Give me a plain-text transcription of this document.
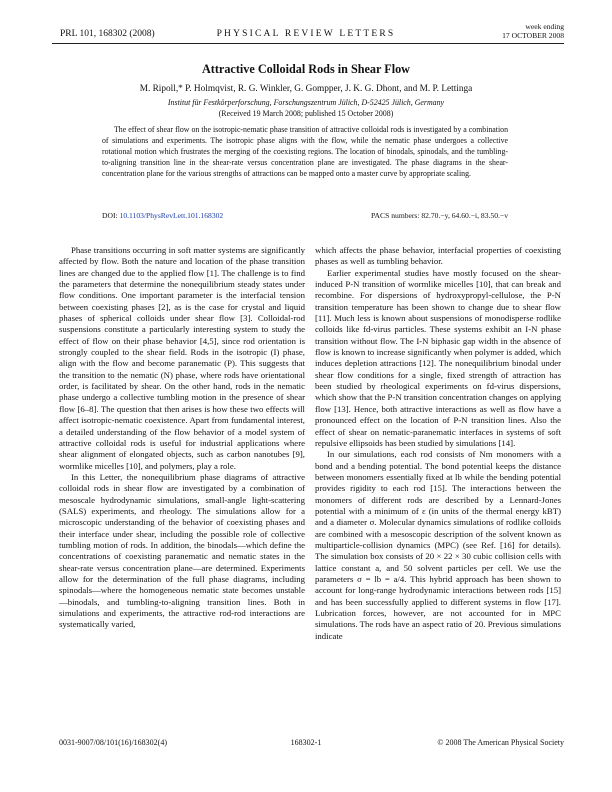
PRL 101, 168302 (2008)	PHYSICAL REVIEW LETTERS
week ending
17 OCTOBER 2008
Attractive Colloidal Rods in Shear Flow
M. Ripoll,* P. Holmqvist, R. G. Winkler, G. Gompper, J. K. G. Dhont, and M. P. Lettinga
Institut für Festkörperforschung, Forschungszentrum Jülich, D-52425 Jülich, Germany
(Received 19 March 2008; published 15 October 2008)
The effect of shear flow on the isotropic-nematic phase transition of attractive colloidal rods is investigated by a combination of simulations and experiments. The isotropic phase aligns with the flow, while the nematic phase undergoes a collective rotational motion which frustrates the merging of the coexisting regions. The location of binodals, spinodals, and the tumbling-to-aligning transition line in the shear-rate versus concentration plane are investigated. The phase diagrams in the shear-concentration plane for the various strengths of attractions can be mapped onto a master curve by appropriate scaling.
DOI: 10.1103/PhysRevLett.101.168302	PACS numbers: 82.70.−y, 64.60.−i, 83.50.−v

Phase transitions occurring in soft matter systems are significantly affected by flow. Both the nature and location of the phase transition lines are changed due to the applied flow [1]. The challenge is to find the parameters that determine the nonequilibrium steady states under flow conditions. One important parameter is the interfacial tension between coexisting phases [2], as is the case for crystal and liquid phases of spherical colloids under shear flow [3]. Colloidal-rod suspensions constitute a particularly interesting system to study the effect of flow on their phase behavior [4,5], since rod orientation is strongly coupled to the shear field. Rods in the isotropic (I) phase, align with the flow and become paranematic (P). This suggests that the transition to the nematic (N) phase, where rods have orientational order, is facilitated by shear. On the other hand, rods in the nematic phase undergo a collective tumbling motion in the presence of shear flow [6–8]. The question that then arises is how these two effects will affect isotropic-nematic coexistence. Apart from fundamental interest, a detailed understanding of the flow behavior of a model system of attractive colloidal rods is useful for industrial applications where shear alignment of elongated objects, such as carbon nanotubes [9], wormlike micelles [10], and polymers, play a role.

In this Letter, the nonequilibrium phase diagrams of attractive colloidal rods in shear flow are investigated by a combination of mesoscale hydrodynamic simulations, small-angle light-scattering (SALS) experiments, and rheology. The simulations allow for a microscopic understanding of the behavior of coexisting phases and their interface under shear, including the possible role of collective tumbling motion of rods. In addition, the binodals—which define the concentrations of coexisting paranematic and nematic states in the shear-rate versus concentration plane—are determined. Experiments allow for the determination of the full phase diagrams, including spinodals—where the homogeneous nematic state becomes unstable—binodals, and tumbling-to-aligning transition lines. Both in simulations and experiments, the attractive rod-rod interactions are systematically varied,

which affects the phase behavior, interfacial properties of coexisting phases as well as tumbling behavior.

Earlier experimental studies have mostly focused on the shear-induced P-N transition of wormlike micelles [10], that can break and recombine. For dispersions of hydroxypropyl-cellulose, the P-N transition temperature has been shown to change due to shear flow [11]. Much less is known about suspensions of monodisperse rodlike colloids like fd-virus particles. These systems exhibit an I-N phase transition without flow. The I-N biphasic gap width in the absence of flow is known to increase significantly when polymer is added, which induces depletion attractions [12]. The nonequilibrium binodal under shear flow conditions for a single, fixed strength of attraction has been studied by rheological experiments on fd-virus dispersions, which show that the P-N transition concentration changes on applying flow [13]. Hence, both attractive interactions as well as flow have a pronounced effect on the location of P-N transition lines. Also the effect of shear on nematic-paranematic interfaces in systems of soft repulsive ellipsoids has been studied by simulations [14].

In our simulations, each rod consists of Nm monomers with a bond and a bending potential. The bond potential keeps the distance between monomers essentially fixed at lb while the bending potential provides rigidity to each rod [15]. The interactions between the monomers of different rods are described by a Lennard-Jones potential with a minimum of ε (in units of the thermal energy kBT) and a diameter σ. Molecular dynamics simulations of rodlike colloids are combined with a mesoscopic description of the solvent known as multiparticle-collision dynamics (MPC) (see Ref. [16] for details). The simulation box consists of 20 × 22 × 30 cubic collision cells with lattice constant a, and 50 solvent particles per cell. We use the parameters σ = lb = a/4. This hybrid approach has been shown to account for long-range hydrodynamic interactions between rods [15] and has been successfully applied to different systems in flow [17]. Lubrication forces, however, are not accounted for in MPC simulations. The rods have an aspect ratio of 20. Previous simulations indicate

0031-9007/08/101(16)/168302(4)	168302-1	© 2008 The American Physical Society
